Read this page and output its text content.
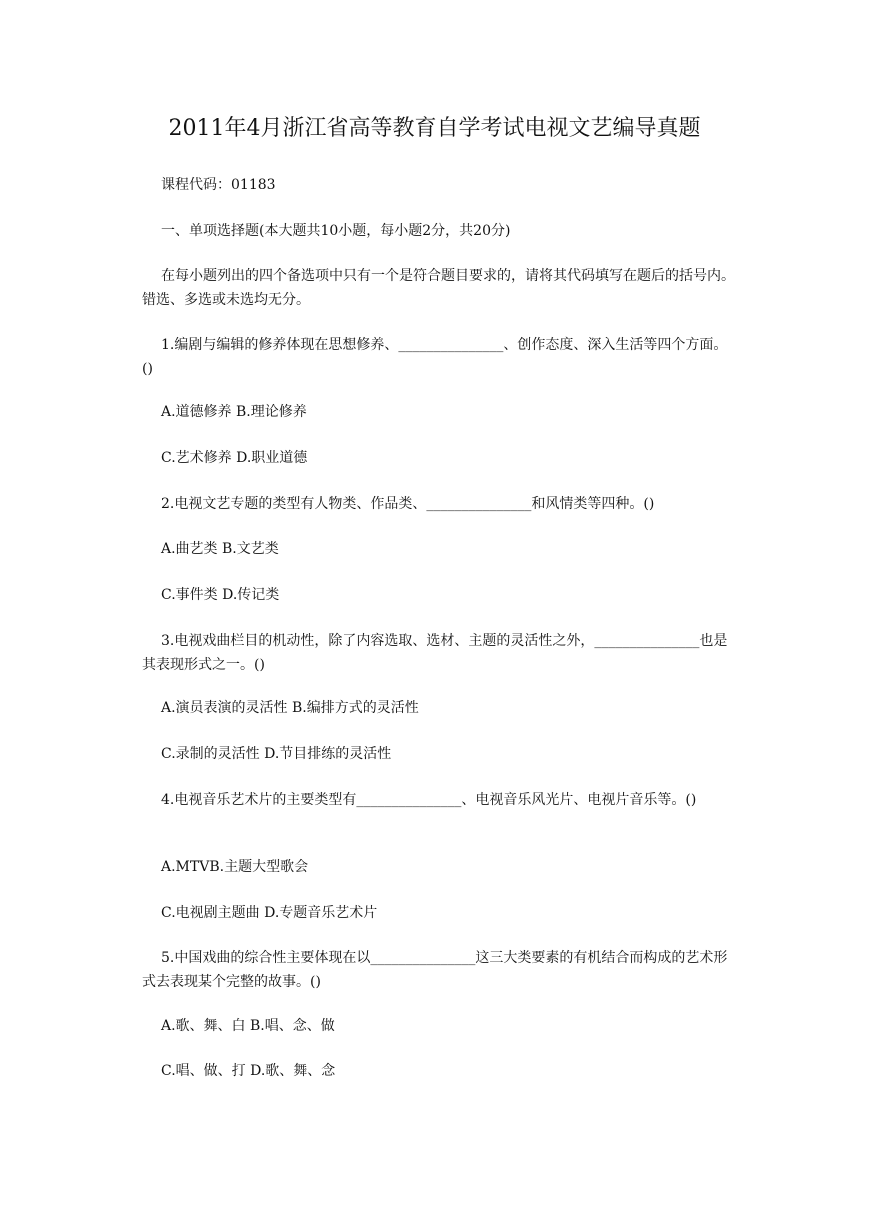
2011年4月浙江省高等教育自学考试电视文艺编导真题

课程代码：01183

一、单项选择题(本大题共10小题，每小题2分，共20分)

在每小题列出的四个备选项中只有一个是符合题目要求的，请将其代码填写在题后的括号内。错选、多选或未选均无分。

1.编剧与编辑的修养体现在思想修养、_______________、创作态度、深入生活等四个方面。()

A.道德修养 B.理论修养

C.艺术修养 D.职业道德

2.电视文艺专题的类型有人物类、作品类、_______________和风情类等四种。()

A.曲艺类 B.文艺类

C.事件类 D.传记类

3.电视戏曲栏目的机动性，除了内容选取、选材、主题的灵活性之外，_______________也是其表现形式之一。()

A.演员表演的灵活性 B.编排方式的灵活性

C.录制的灵活性 D.节目排练的灵活性

4.电视音乐艺术片的主要类型有_______________、电视音乐风光片、电视片音乐等。()

A.MTVB.主题大型歌会

C.电视剧主题曲 D.专题音乐艺术片

5.中国戏曲的综合性主要体现在以_______________这三大类要素的有机结合而构成的艺术形式去表现某个完整的故事。()

A.歌、舞、白 B.唱、念、做

C.唱、做、打 D.歌、舞、念
